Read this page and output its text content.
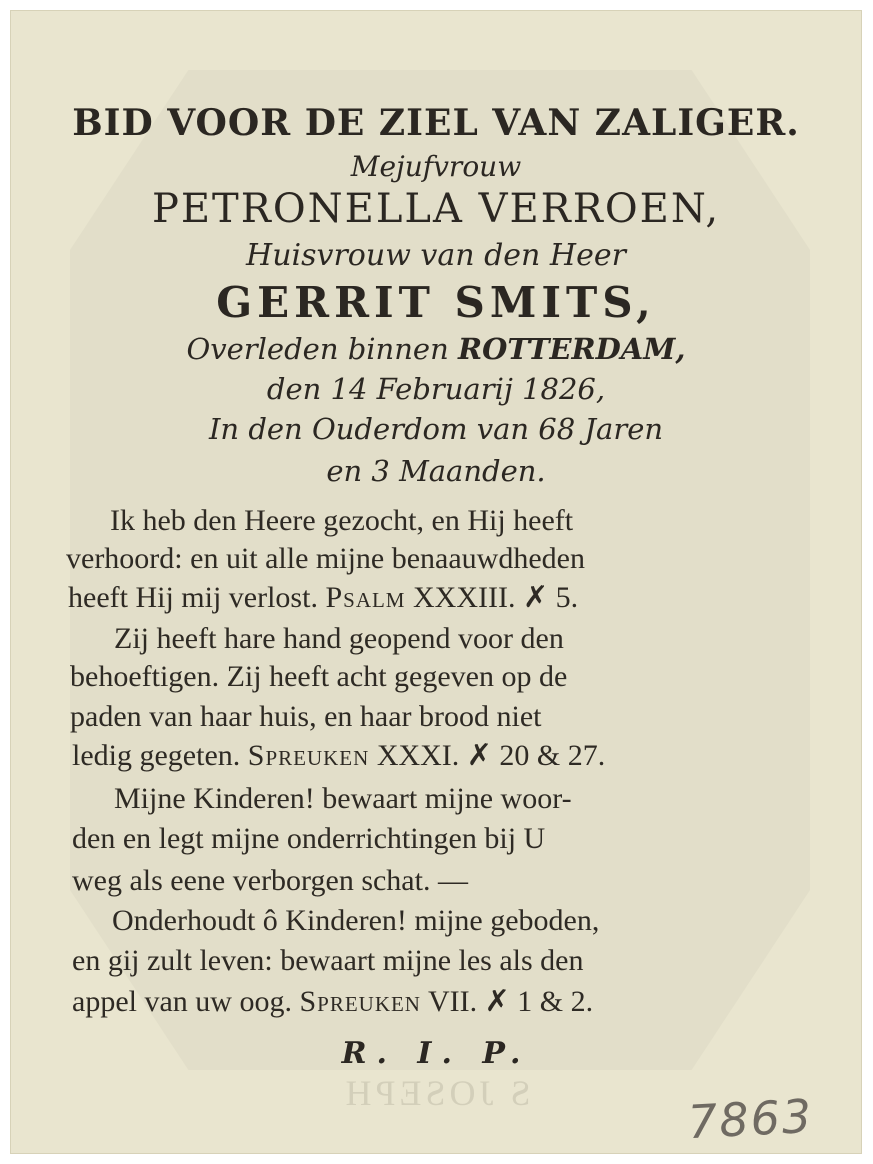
S JOSEPH

BID VOOR DE ZIEL VAN ZALIGER.

Mejufvrouw

PETRONELLA VERROEN,

Huisvrouw van den Heer

GERRIT SMITS,

Overleden binnen ROTTERDAM,

den 14 Februarij 1826,

In den Ouderdom van 68 Jaren

en 3 Maanden.

Ik heb den Heere gezocht, en Hij heeft

verhoord: en uit alle mijne benaauwdheden

heeft Hij mij verlost. Psalm XXXIII. ✗ 5.

Zij heeft hare hand geopend voor den

behoeftigen. Zij heeft acht gegeven op de

paden van haar huis, en haar brood niet

ledig gegeten. Spreuken XXXI. ✗ 20 & 27.

Mijne Kinderen! bewaart mijne woor-

den en legt mijne onderrichtingen bij U

weg als eene verborgen schat. —

Onderhoudt ô Kinderen! mijne geboden,

en gij zult leven: bewaart mijne les als den

appel van uw oog. Spreuken VII. ✗ 1 & 2.

R. I. P.

7863
